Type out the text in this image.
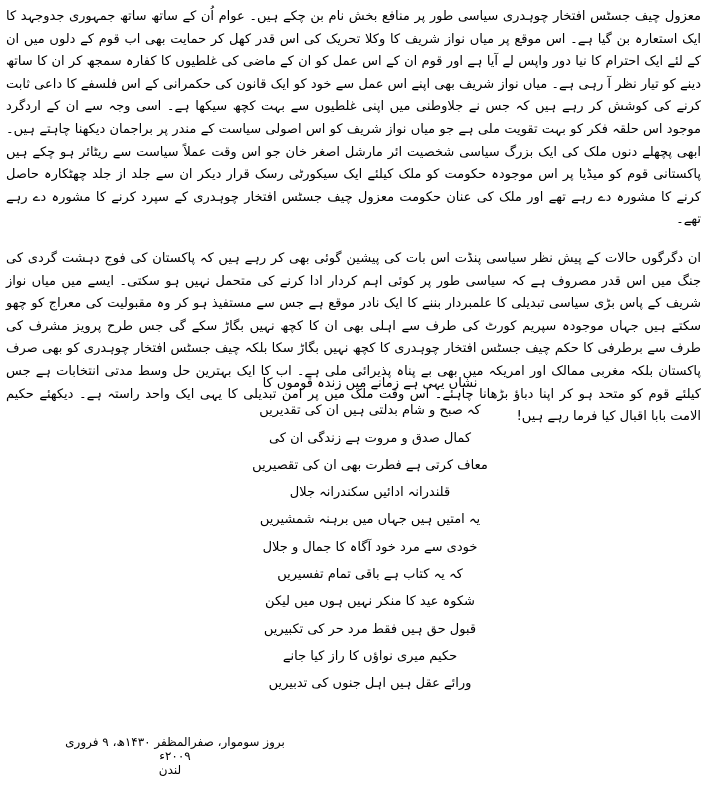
معزول چیف جسٹس افتخار چوہدری سیاسی طور پر منافع بخش نام بن چکے ہیں۔ عوام اُن کے ساتھ ساتھ جمہوری جدوجہد کا ایک استعارہ بن گیا ہے۔ اس موقع پر میاں نواز شریف کا وکلا تحریک کی اس قدر کھل کر حمایت بھی اب قوم کے دلوں میں ان کے لئے ایک احترام کا نیا دور واپس لے آیا ہے اور قوم ان کے اس عمل کو ان کے ماضی کی غلطیوں کا کفارہ سمجھ کر ان کا ساتھ دینے کو تیار نظر آ رہی ہے۔ میاں نواز شریف بھی اپنے اس عمل سے خود کو ایک قانون کی حکمرانی کے اس فلسفے کا داعی ثابت کرنے کی کوشش کر رہے ہیں کہ جس نے جلاوطنی میں اپنی غلطیوں سے بہت کچھ سیکھا ہے۔ اسی وجہ سے ان کے اردگرد موجود اس حلقہ فکر کو بہت تقویت ملی ہے جو میاں نواز شریف کو اس اصولی سیاست کے مندر پر براجمان دیکھنا چاہتے ہیں۔ ابھی پچھلے دنوں ملک کی ایک بزرگ سیاسی شخصیت ائر مارشل اصغر خان جو اس وقت عملاً سیاست سے ریٹائر ہو چکے ہیں پاکستانی قوم کو میڈیا پر اس موجودہ حکومت کو ملک کیلئے ایک سیکورٹی رسک قرار دیکر ان سے جلد از جلد چھٹکارہ حاصل کرنے کا مشورہ دے رہے تھے اور ملک کی عنان حکومت معزول چیف جسٹس افتخار چوہدری کے سپرد کرنے کا مشورہ دے رہے تھے۔

ان دگرگوں حالات کے پیش نظر سیاسی پنڈت اس بات کی پیشین گوئی بھی کر رہے ہیں کہ پاکستان کی فوج دہشت گردی کی جنگ میں اس قدر مصروف ہے کہ سیاسی طور پر کوئی اہم کردار ادا کرنے کی متحمل نہیں ہو سکتی۔ ایسے میں میاں نواز شریف کے پاس بڑی سیاسی تبدیلی کا علمبردار بننے کا ایک نادر موقع ہے جس سے مستفیذ ہو کر وہ مقبولیت کی معراج کو چھو سکتے ہیں جہاں موجودہ سپریم کورٹ کی طرف سے اہلی بھی ان کا کچھ نہیں بگاڑ سکے گی جس طرح پرویز مشرف کی طرف سے برطرفی کا حکم چیف جسٹس افتخار چوہدری کا کچھ نہیں بگاڑ سکا بلکہ چیف جسٹس افتخار چوہدری کو بھی صرف پاکستان بلکہ مغربی ممالک اور امریکہ میں بھی بے پناہ پذیرائی ملی ہے۔ اب کا ایک بہترین حل وسط مدتی انتخابات ہے جس کیلئے قوم کو متحد ہو کر اپنا دباؤ بڑھانا چاہئے۔ اس وقت ملک میں پر امن تبدیلی کا یہی ایک واحد راستہ ہے۔ دیکھئے حکیم الامت بابا اقبال کیا فرما رہے ہیں!

نشاں یہی ہے زمانے میں زندہ قوموں کا
کہ صبح و شام بدلتی ہیں ان کی تقدیریں
کمال صدق و مروت ہے زندگی ان کی
معاف کرتی ہے فطرت بھی ان کی تقصیریں
قلندرانہ ادائیں سکندرانہ جلال
یہ امتیں ہیں جہاں میں برہنہ شمشیریں
خودی سے مرد خود آگاہ کا جمال و جلال
کہ یہ کتاب ہے باقی تمام تفسیریں
شکوہ عید کا منکر نہیں ہوں میں لیکن
قبول حق ہیں فقط مرد حر کی تکبیریں
حکیم میری نواؤں کا راز کیا جانے
ورائے عقل ہیں اہل جنوں کی تدبیریں
بروز سوموار، صفرالمظفر ۱۴۳۰ھ، ۹ فروری ۲۰۰۹ء
لندن
